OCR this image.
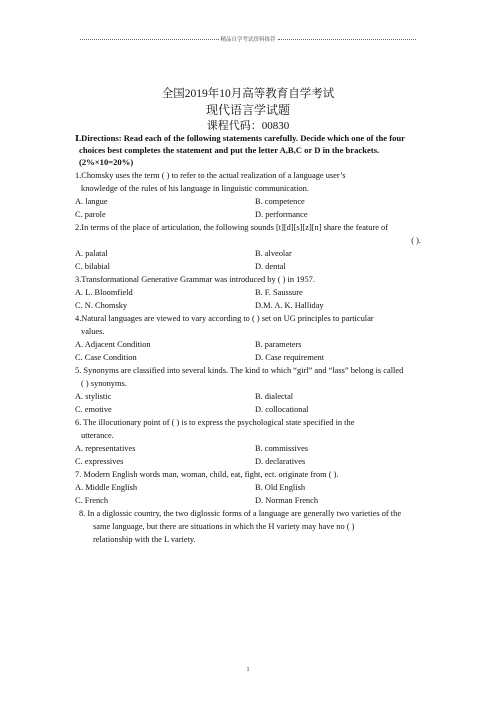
精品自学考试资料推荐
全国2019年10月高等教育自学考试
现代语言学试题
课程代码：00830
Ⅰ.Directions: Read each of the following statements carefully. Decide which one of the four choices best completes the statement and put the letter A,B,C or D in the brackets.(2%×10=20%)
1.Chomsky uses the term ( ) to refer to the actual realization of a language user’s
knowledge of the rules of his language in linguistic communication.
A. langue	B. competence
C. parole	D. performance
2.In terms of the place of articulation, the following sounds [t][d][s][z][n] share the feature of
( ).
A. palatal	B. alveolar
C. bilabial	D. dental
3.Transformational Generative Grammar was introduced by ( ) in 1957.
A. L. Bloomfield	B. F. Saussure
C. N. Chomsky	D.M. A. K. Halliday
4.Natural languages are viewed to vary according to ( ) set on UG principles to particular
values.
A. Adjacent Condition	B. parameters
C. Case Condition	D. Case requirement
5. Synonyms are classified into several kinds. The kind to which “girl” and “lass” belong is called
( ) synonyms.
A. stylistic	B. dialectal
C. emotive	D. collocational
6. The illocutionary point of ( ) is to express the psychological state specified in the
utterance.
A. representatives	B. commissives
C. expressives	D. declaratives
7. Modern English words man, woman, child, eat, fight, ect. originate from ( ).
A. Middle English	B. Old English
C. French	D. Norman French
8. In a diglossic country, the two diglossic forms of a language are generally two varieties of the
same language, but there are situations in which the H variety may have no ( )
relationship with the L variety.
1
